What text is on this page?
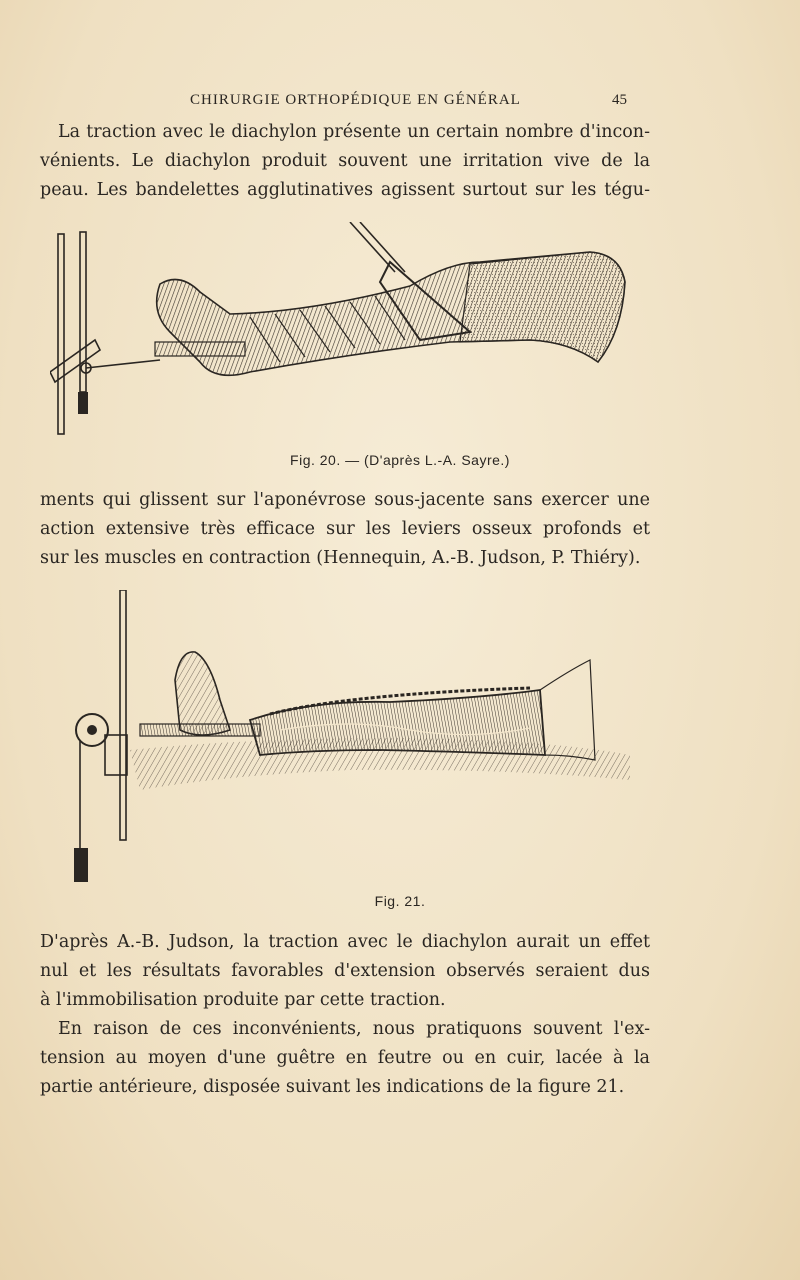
CHIRURGIE ORTHOPÉDIQUE EN GÉNÉRAL	45
La traction avec le diachylon présente un certain nombre d'incon-
vénients. Le diachylon produit souvent une irritation vive de la
peau. Les bandelettes agglutinatives agissent surtout sur les tégu-
Fig. 20. — (D'après L.-A. Sayre.)
ments qui glissent sur l'aponévrose sous-jacente sans exercer une
action extensive très efficace sur les leviers osseux profonds et
sur les muscles en contraction (Hennequin, A.-B. Judson, P. Thiéry).
Fig. 21.
D'après A.-B. Judson, la traction avec le diachylon aurait un effet
nul et les résultats favorables d'extension observés seraient dus
à l'immobilisation produite par cette traction.
En raison de ces inconvénients, nous pratiquons souvent l'ex-
tension au moyen d'une guêtre en feutre ou en cuir, lacée à la
partie antérieure, disposée suivant les indications de la figure 21.
